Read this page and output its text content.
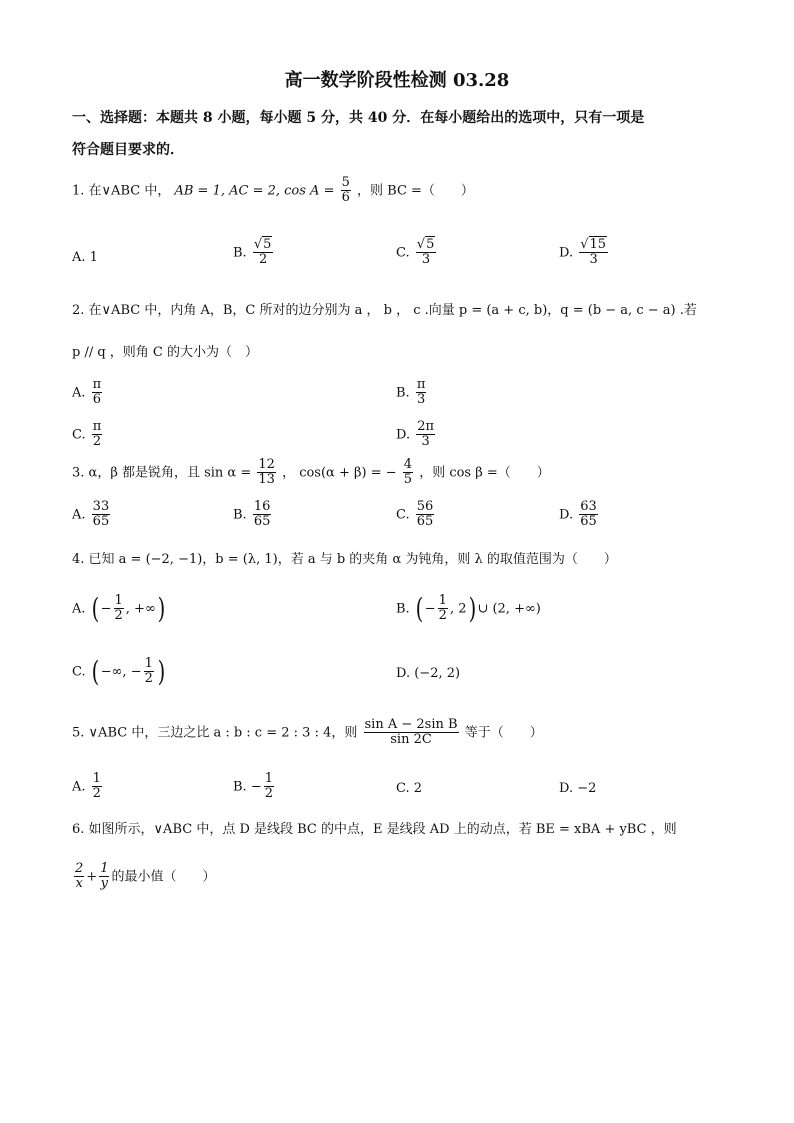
高一数学阶段性检测 03.28
一、选择题：本题共 8 小题，每小题 5 分，共 40 分．在每小题给出的选项中，只有一项是
符合题目要求的．
1. 在∨ABC 中， AB = 1, AC = 2, $\cos A = \frac{5}{6}$ ，则 BC =（　　）
A. 1	B. $\frac{√5}{2}$	C. $\frac{√5}{3}$	D. $\frac{√15}{3}$
2. 在∨ABC 中，内角 A，B，C 所对的边分别为 a ， b ， c .向量 p = (a + c, b)，q = (b − a, c − a) .若
p // q ，则角 C 的大小为（　）
A. $\frac{\pi}{6}$	B. $\frac{\pi}{3}$
C. $\frac{\pi}{2}$	D. $\frac{2\pi}{3}$
3. α，β 都是锐角，且 $\sin \alpha = \frac{12}{13}$ ， cos(α + β) = − $\frac{4}{5}$ ，则 cos β =（　　）
A. $\frac{33}{65}$	B. $\frac{16}{65}$	C. $\frac{56}{65}$	D. $\frac{63}{65}$
4. 已知 a = (−2, −1)，b = (λ, 1)，若 a 与 b 的夹角 α 为钝角，则 λ 的取值范围为（　　）
A. ( − $\frac{1}{2}$ , +∞)	B. ( − $\frac{1}{2}$ , 2) ∪ (2, +∞)
C. ( −∞, − $\frac{1}{2}$ )	D. (−2, 2)
5. ∨ABC 中，三边之比 a : b : c = 2 : 3 : 4，则 $\frac{\text{sin A − 2sin B}}{\sin 2C}$ 等于（　　）
A. $\frac{1}{2}$	B. − $\frac{1}{2}$	C. 2	D. −2
6. 如图所示，∨ABC 中，点 D 是线段 BC 的中点，E 是线段 AD 上的动点，若 BE = xBA + yBC ，则
$\frac{2}{x} + \frac{1}{y}$ 的最小值（　　）
